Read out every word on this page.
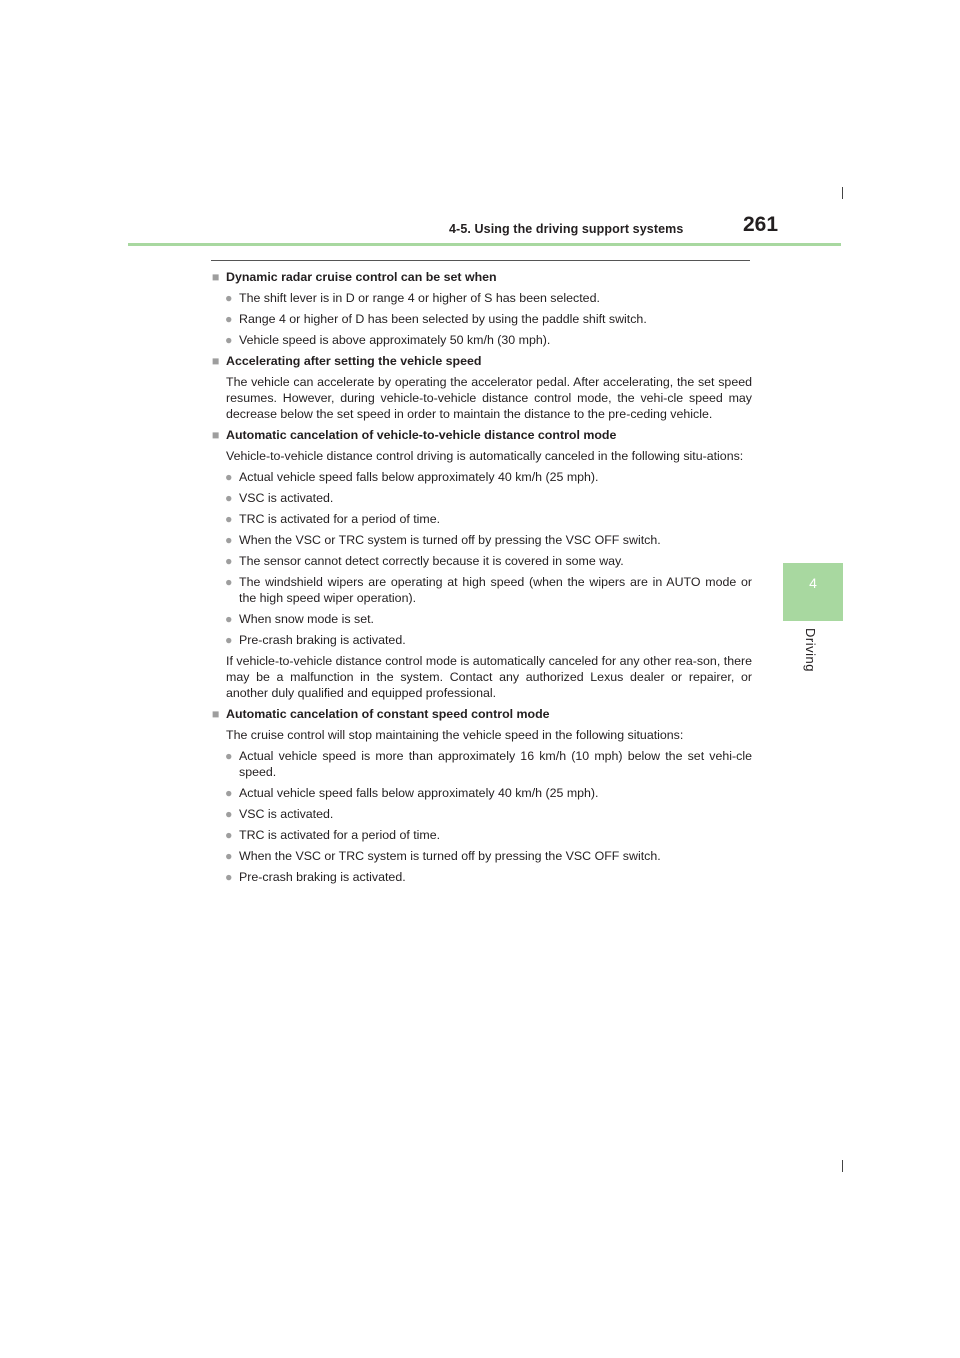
4-5. Using the driving support systems	261
4
Driving
■ Dynamic radar cruise control can be set when
● The shift lever is in D or range 4 or higher of S has been selected.
● Range 4 or higher of D has been selected by using the paddle shift switch.
● Vehicle speed is above approximately 50 km/h (30 mph).
■ Accelerating after setting the vehicle speed
The vehicle can accelerate by operating the accelerator pedal. After accelerating, the set speed resumes. However, during vehicle-to-vehicle distance control mode, the vehi-cle speed may decrease below the set speed in order to maintain the distance to the pre-ceding vehicle.
■ Automatic cancelation of vehicle-to-vehicle distance control mode
Vehicle-to-vehicle distance control driving is automatically canceled in the following situ-ations:
● Actual vehicle speed falls below approximately 40 km/h (25 mph).
● VSC is activated.
● TRC is activated for a period of time.
● When the VSC or TRC system is turned off by pressing the VSC OFF switch.
● The sensor cannot detect correctly because it is covered in some way.
● The windshield wipers are operating at high speed (when the wipers are in AUTO mode or the high speed wiper operation).
● When snow mode is set.
● Pre-crash braking is activated.
If vehicle-to-vehicle distance control mode is automatically canceled for any other rea-son, there may be a malfunction in the system. Contact any authorized Lexus dealer or repairer, or another duly qualified and equipped professional.
■ Automatic cancelation of constant speed control mode
The cruise control will stop maintaining the vehicle speed in the following situations:
● Actual vehicle speed is more than approximately 16 km/h (10 mph) below the set vehi-cle speed.
● Actual vehicle speed falls below approximately 40 km/h (25 mph).
● VSC is activated.
● TRC is activated for a period of time.
● When the VSC or TRC system is turned off by pressing the VSC OFF switch.
● Pre-crash braking is activated.
